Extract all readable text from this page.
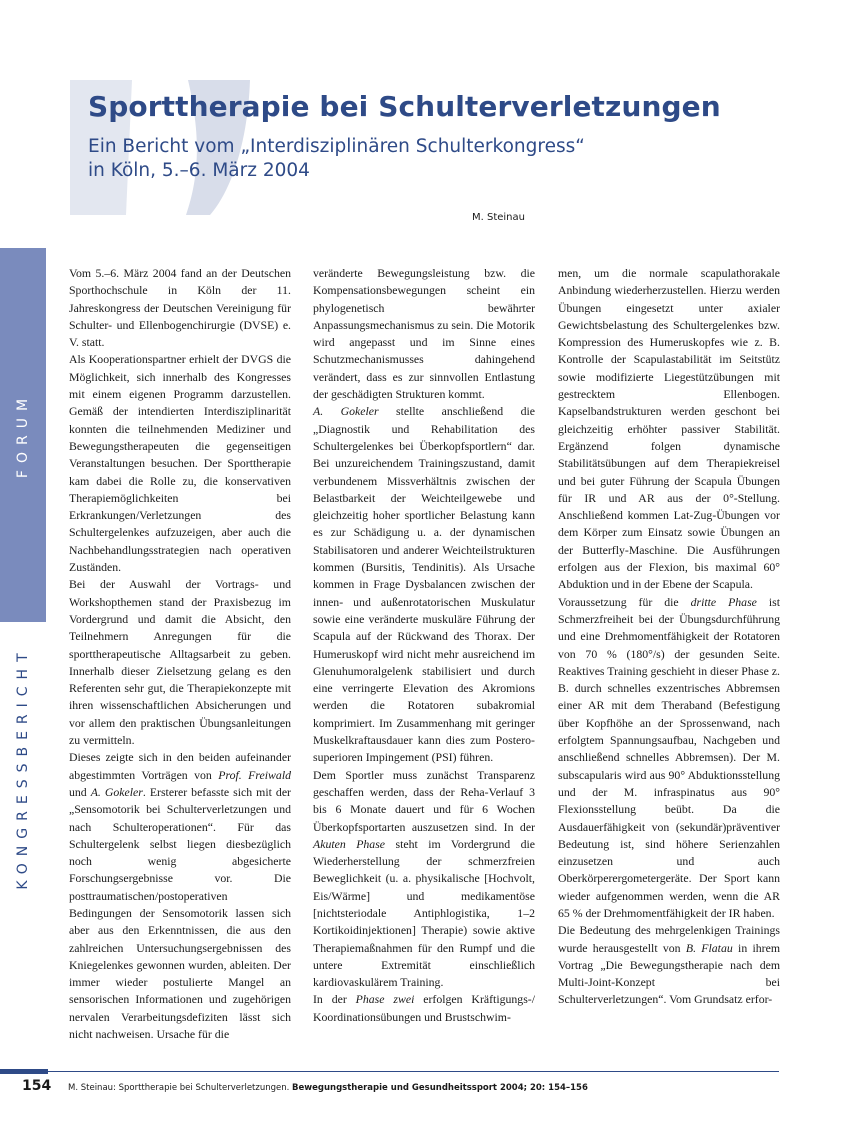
Sporttherapie bei Schulterverletzungen
Ein Bericht vom „Interdisziplinären Schulterkongress“
in Köln, 5.–6. März 2004
M. Steinau
FORUM
KONGRESSBERICHT

Vom 5.–6. März 2004 fand an der Deutschen Sporthochschule in Köln der 11. Jahreskongress der Deutschen Vereinigung für Schulter- und Ellenbogenchirurgie (DVSE) e. V. statt.

Als Kooperationspartner erhielt der DVGS die Möglichkeit, sich innerhalb des Kongresses mit einem eigenen Programm darzustellen. Gemäß der intendierten Interdisziplinarität konnten die teilnehmenden Mediziner und Bewegungstherapeuten die gegenseitigen Veranstaltungen besuchen. Der Sporttherapie kam dabei die Rolle zu, die konservativen Therapiemöglichkeiten bei Erkrankungen/Verletzungen des Schultergelenkes aufzuzeigen, aber auch die Nachbehandlungsstrategien nach operativen Zuständen.

Bei der Auswahl der Vortrags- und Workshopthemen stand der Praxisbezug im Vordergrund und damit die Absicht, den Teilnehmern Anregungen für die sporttherapeutische Alltagsarbeit zu geben. Innerhalb dieser Zielsetzung gelang es den Referenten sehr gut, die Therapiekonzepte mit ihren wissenschaftlichen Absicherungen und vor allem den praktischen Übungsanleitungen zu vermitteln.

Dieses zeigte sich in den beiden aufeinander abgestimmten Vorträgen von Prof. Freiwald und A. Gokeler. Ersterer befasste sich mit der „Sensomotorik bei Schulterverletzungen und nach Schulteroperationen“. Für das Schultergelenk selbst liegen diesbezüglich noch wenig abgesicherte Forschungsergebnisse vor. Die posttraumatischen/postoperativen Bedingungen der Sensomotorik lassen sich aber aus den Erkenntnissen, die aus den zahlreichen Untersuchungsergebnissen des Kniegelenkes gewonnen wurden, ableiten. Der immer wieder postulierte Mangel an sensorischen Informationen und zugehörigen nervalen Verarbeitungsdefiziten lässt sich nicht nachweisen. Ursache für die

veränderte Bewegungsleistung bzw. die Kompensationsbewegungen scheint ein phylogenetisch bewährter Anpassungsmechanismus zu sein. Die Motorik wird angepasst und im Sinne eines Schutzmechanismusses dahingehend verändert, dass es zur sinnvollen Entlastung der geschädigten Strukturen kommt.

A. Gokeler stellte anschließend die „Diagnostik und Rehabilitation des Schultergelenkes bei Überkopfsportlern“ dar. Bei unzureichendem Trainingszustand, damit verbundenem Missverhältnis zwischen der Belastbarkeit der Weichteilgewebe und gleichzeitig hoher sportlicher Belastung kann es zur Schädigung u. a. der dynamischen Stabilisatoren und anderer Weichteilstrukturen kommen (Bursitis, Tendinitis). Als Ursache kommen in Frage Dysbalancen zwischen der innen- und außenrotatorischen Muskulatur sowie eine veränderte muskuläre Führung der Scapula auf der Rückwand des Thorax. Der Humeruskopf wird nicht mehr ausreichend im Glenuhumoralgelenk stabilisiert und durch eine verringerte Elevation des Akromions werden die Rotatoren subakromial komprimiert. Im Zusammenhang mit geringer Muskelkraftausdauer kann dies zum Postero-superioren Impingement (PSI) führen.

Dem Sportler muss zunächst Transparenz geschaffen werden, dass der Reha-Verlauf 3 bis 6 Monate dauert und für 6 Wochen Überkopfsportarten auszusetzen sind. In der Akuten Phase steht im Vordergrund die Wiederherstellung der schmerzfreien Beweglichkeit (u. a. physikalische [Hochvolt, Eis/Wärme] und medikamentöse [nichtsteriodale Antiphlogistika, 1–2 Kortikoidinjektionen] Therapie) sowie aktive Therapiemaßnahmen für den Rumpf und die untere Extremität einschließlich kardiovaskulärem Training.

In der Phase zwei erfolgen Kräftigungs-/ Koordinationsübungen und Brustschwim-

men, um die normale scapulathorakale Anbindung wiederherzustellen. Hierzu werden Übungen eingesetzt unter axialer Gewichtsbelastung des Schultergelenkes bzw. Kompression des Humeruskopfes wie z. B. Kontrolle der Scapulastabilität im Seitstütz sowie modifizierte Liegestützübungen mit gestrecktem Ellenbogen. Kapselbandstrukturen werden geschont bei gleichzeitig erhöhter passiver Stabilität. Ergänzend folgen dynamische Stabilitätsübungen auf dem Therapiekreisel und bei guter Führung der Scapula Übungen für IR und AR aus der 0°-Stellung. Anschließend kommen Lat-Zug-Übungen vor dem Körper zum Einsatz sowie Übungen an der Butterfly-Maschine. Die Ausführungen erfolgen aus der Flexion, bis maximal 60° Abduktion und in der Ebene der Scapula.

Voraussetzung für die dritte Phase ist Schmerzfreiheit bei der Übungsdurchführung und eine Drehmomentfähigkeit der Rotatoren von 70 % (180°/s) der gesunden Seite. Reaktives Training geschieht in dieser Phase z. B. durch schnelles exzentrisches Abbremsen einer AR mit dem Theraband (Befestigung über Kopfhöhe an der Sprossenwand, nach erfolgtem Spannungsaufbau, Nachgeben und anschließend schnelles Abbremsen). Der M. subscapularis wird aus 90° Abduktionsstellung und der M. infraspinatus aus 90° Flexionsstellung beübt. Da die Ausdauerfähigkeit von (sekundär)präventiver Bedeutung ist, sind höhere Serienzahlen einzusetzen und auch Oberkörperergometergeräte. Der Sport kann wieder aufgenommen werden, wenn die AR 65 % der Drehmomentfähigkeit der IR haben.

Die Bedeutung des mehrgelenkigen Trainings wurde herausgestellt von B. Flatau in ihrem Vortrag „Die Bewegungstherapie nach dem Multi-Joint-Konzept bei Schulterverletzungen“. Vom Grundsatz erfor-

154 M. Steinau: Sporttherapie bei Schulterverletzungen. Bewegungstherapie und Gesundheitssport 2004; 20: 154–156
